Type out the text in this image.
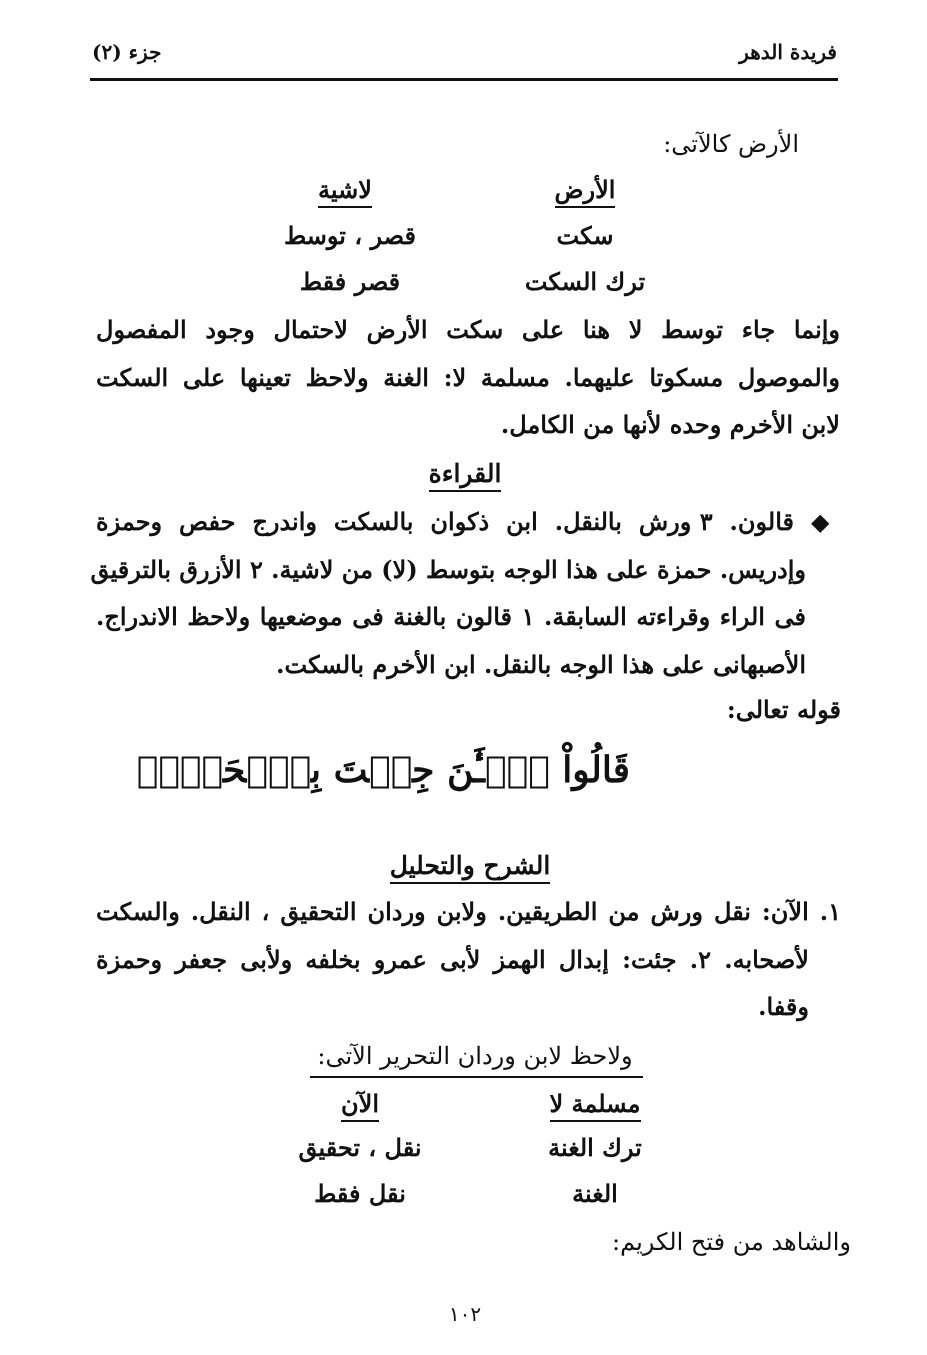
فريدة الدهر
جزء (٢)
الأرض كالآتى:
الأرض
لاشية
سكت
قصر ، توسط
ترك السكت
قصر فقط
وإنما جاء توسط لا هنا على سكت الأرض لاحتمال وجود المفصول
والموصول مسكوتا عليهما. مسلمة لا: الغنة ولاحظ تعينها على السكت
لابن الأخرم وحده لأنها من الكامل.
القراءة
◆ قالون. ٣ ورش بالنقل. ابن ذكوان بالسكت واندرج حفص وحمزة
وإدريس. حمزة على هذا الوجه بتوسط (لا) من لاشية. ٢ الأزرق بالترقيق
فى الراء وقراءته السابقة. ١ قالون بالغنة فى موضعيها ولاحظ الاندراج.
الأصبهانى على هذا الوجه بالنقل. ابن الأخرم بالسكت.
قوله تعالى:
قَالُواْ ٱلۡـَٰٔنَ جِئۡتَ بِٱلۡحَقِّۚ
الشرح والتحليل
١. الآن: نقل ورش من الطريقين. ولابن وردان التحقيق ، النقل. والسكت
لأصحابه. ٢. جئت: إبدال الهمز لأبى عمرو بخلفه ولأبى جعفر وحمزة
وقفا.
ولاحظ لابن وردان التحرير الآتى:
مسلمة لا
الآن
ترك الغنة
نقل ، تحقيق
الغنة
نقل فقط
والشاهد من فتح الكريم:
١٠٢
